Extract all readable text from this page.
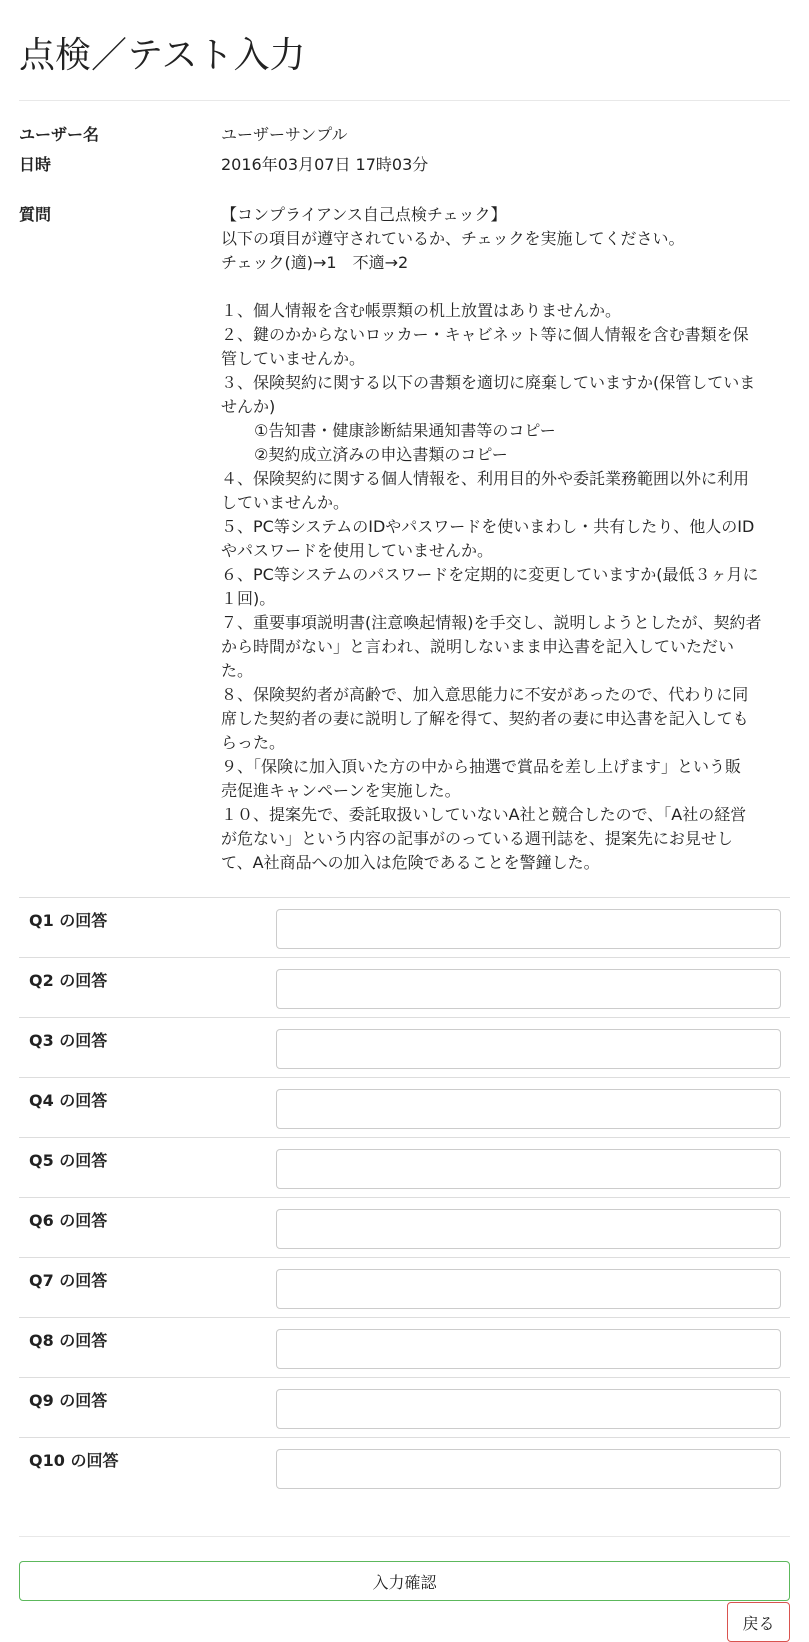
点検／テスト入力
ユーザー名	ユーザーサンプル
日時	2016年03月07日 17時03分
質問	【コンプライアンス自己点検チェック】
以下の項目が遵守されているか、チェックを実施してください。
チェック(適)→1　不適→2
１、個人情報を含む帳票類の机上放置はありませんか。
２、鍵のかからないロッカー・キャビネット等に個人情報を含む書類を保
管していませんか。
３、保険契約に関する以下の書類を適切に廃棄していますか(保管していま
せんか)
①告知書・健康診断結果通知書等のコピー
②契約成立済みの申込書類のコピー
４、保険契約に関する個人情報を、利用目的外や委託業務範囲以外に利用
していませんか。
５、PC等システムのIDやパスワードを使いまわし・共有したり、他人のID
やパスワードを使用していませんか。
６、PC等システムのパスワードを定期的に変更していますか(最低３ヶ月に
１回)。
７、重要事項説明書(注意喚起情報)を手交し、説明しようとしたが、契約者
から時間がない」と言われ、説明しないまま申込書を記入していただい
た。
８、保険契約者が高齢で、加入意思能力に不安があったので、代わりに同
席した契約者の妻に説明し了解を得て、契約者の妻に申込書を記入しても
らった。
９、「保険に加入頂いた方の中から抽選で賞品を差し上げます」という販
売促進キャンペーンを実施した。
１０、提案先で、委託取扱いしていないA社と競合したので、「A社の経営
が危ない」という内容の記事がのっている週刊誌を、提案先にお見せし
て、A社商品への加入は危険であることを警鐘した。
Q1 の回答
Q2 の回答
Q3 の回答
Q4 の回答
Q5 の回答
Q6 の回答
Q7 の回答
Q8 の回答
Q9 の回答
Q10 の回答
入力確認
戻る
